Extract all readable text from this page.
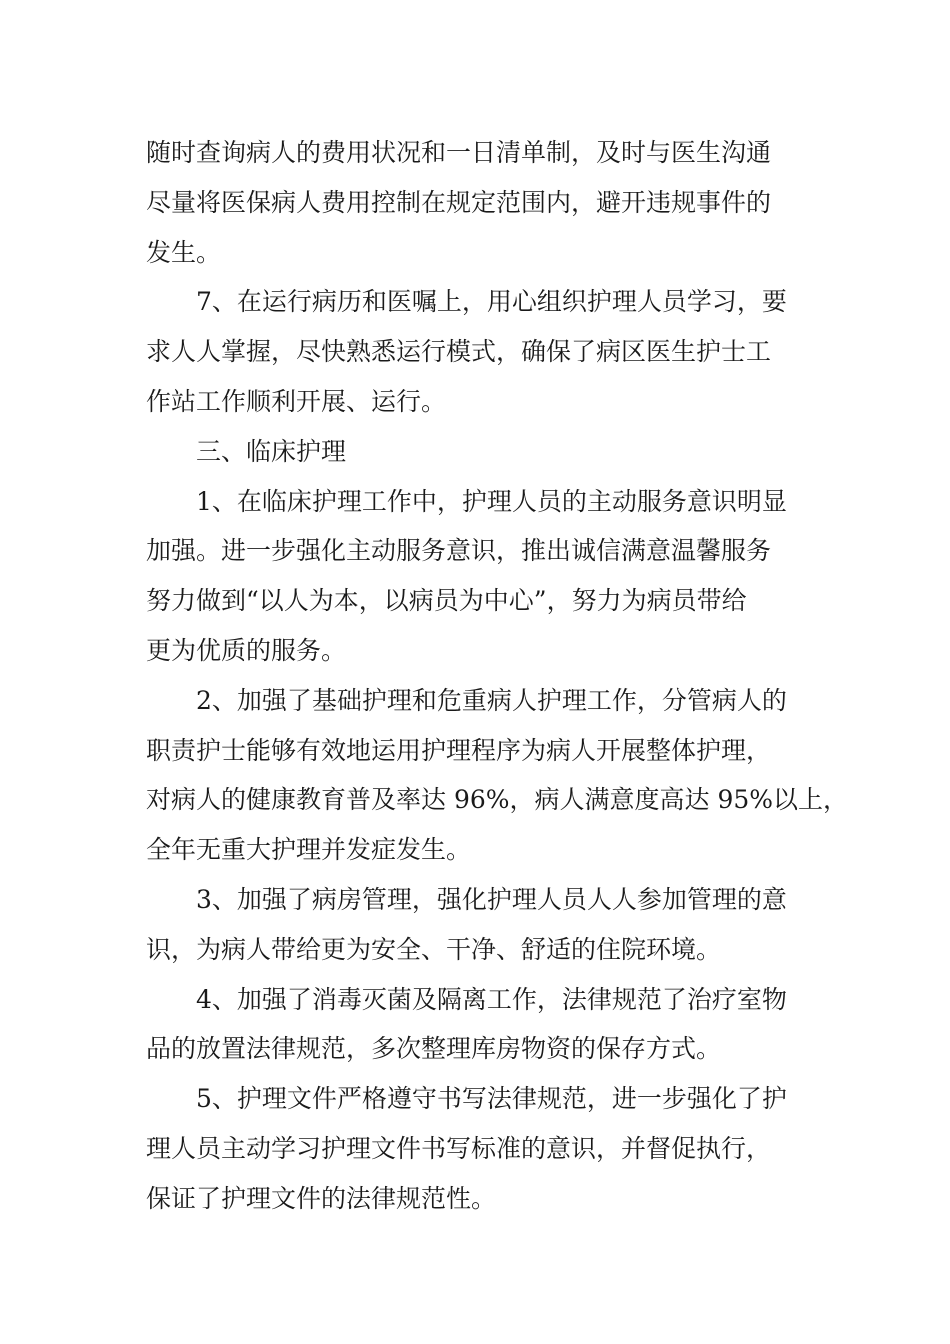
随时查询病人的费用状况和一日清单制，及时与医生沟通
尽量将医保病人费用控制在规定范围内，避开违规事件的
发生。
7、在运行病历和医嘱上，用心组织护理人员学习，要
求人人掌握，尽快熟悉运行模式，确保了病区医生护士工
作站工作顺利开展、运行。
三、临床护理
1、在临床护理工作中，护理人员的主动服务意识明显
加强。进一步强化主动服务意识，推出诚信满意温馨服务
努力做到“以人为本，以病员为中心”，努力为病员带给
更为优质的服务。
2、加强了基础护理和危重病人护理工作，分管病人的
职责护士能够有效地运用护理程序为病人开展整体护理，
对病人的健康教育普及率达 96%，病人满意度高达 95%以上，
全年无重大护理并发症发生。
3、加强了病房管理，强化护理人员人人参加管理的意
识，为病人带给更为安全、干净、舒适的住院环境。
4、加强了消毒灭菌及隔离工作，法律规范了治疗室物
品的放置法律规范，多次整理库房物资的保存方式。
5、护理文件严格遵守书写法律规范，进一步强化了护
理人员主动学习护理文件书写标准的意识，并督促执行，
保证了护理文件的法律规范性。
